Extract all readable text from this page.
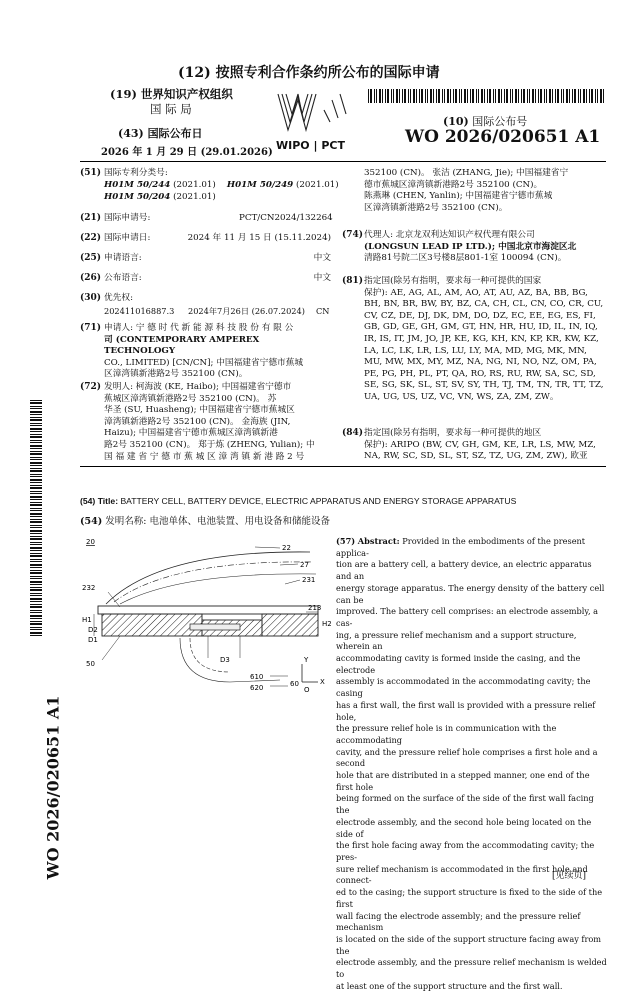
(12) 按照专利合作条约所公布的国际申请
(19) 世界知识产权组织
国 际 局
(43) 国际公布日
2026 年 1 月 29 日 (29.01.2026)
WIPO | PCT
(10) 国际公布号
WO 2026/020651 A1
WO 2026/020651 A1
(51) 国际专利分类号:
H01M 50/244 (2021.01) H01M 50/249 (2021.01)
H01M 50/204 (2021.01)
(21) 国际申请号:	PCT/CN2024/132264
(22) 国际申请日:	2024 年 11 月 15 日 (15.11.2024)
(25) 申请语言:	中文
(26) 公布语言:	中文
(30) 优先权:
202411016887.3 2024年7月26日 (26.07.2024) CN
(71) 申请人: 宁 德 时 代 新 能 源 科 技 股 份 有 限 公
司 (CONTEMPORARY AMPEREX TECHNOLOGY
CO., LIMITED) [CN/CN]; 中国福建省宁德市蕉城
区漳湾镇新港路2号 352100 (CN)。
(72) 发明人: 柯海波 (KE, Haibo); 中国福建省宁德市
蕉城区漳湾镇新港路2号 352100 (CN)。 苏
华圣 (SU, Huasheng); 中国福建省宁德市蕉城区
漳湾镇新港路2号 352100 (CN)。 金海族 (JIN,
Haizu); 中国福建省宁德市蕉城区漳湾镇新港
路2号 352100 (CN)。 郑于炼 (ZHENG, Yulian); 中
国 福 建 省 宁 德 市 蕉 城 区 漳 湾 镇 新 港 路 2 号
352100 (CN)。 张洁 (ZHANG, Jie); 中国福建省宁
德市蕉城区漳湾镇新港路2号 352100 (CN)。
陈燕琳 (CHEN, Yanlin); 中国福建省宁德市蕉城
区漳湾镇新港路2号 352100 (CN)。
(74) 代理人: 北京龙双利达知识产权代理有限公司
(LONGSUN LEAD IP LTD.); 中国北京市海淀区北
清路81号院二区3号楼8层801-1室 100094 (CN)。
(81) 指定国(除另有指明，要求每一种可提供的国家
保护): AE, AG, AL, AM, AO, AT, AU, AZ, BA, BB, BG,
BH, BN, BR, BW, BY, BZ, CA, CH, CL, CN, CO, CR, CU,
CV, CZ, DE, DJ, DK, DM, DO, DZ, EC, EE, EG, ES, FI,
GB, GD, GE, GH, GM, GT, HN, HR, HU, ID, IL, IN, IQ,
IR, IS, IT, JM, JO, JP, KE, KG, KH, KN, KP, KR, KW, KZ,
LA, LC, LK, LR, LS, LU, LY, MA, MD, MG, MK, MN,
MU, MW, MX, MY, MZ, NA, NG, NI, NO, NZ, OM, PA,
PE, PG, PH, PL, PT, QA, RO, RS, RU, RW, SA, SC, SD,
SE, SG, SK, SL, ST, SV, SY, TH, TJ, TM, TN, TR, TT, TZ,
UA, UG, US, UZ, VC, VN, WS, ZA, ZM, ZW。
(84) 指定国(除另有指明，要求每一种可提供的地区
保护): ARIPO (BW, CV, GH, GM, KE, LR, LS, MW, MZ,
NA, RW, SC, SD, SL, ST, SZ, TZ, UG, ZM, ZW), 欧亚
(54) Title: BATTERY CELL, BATTERY DEVICE, ELECTRIC APPARATUS AND ENERGY STORAGE APPARATUS
(54) 发明名称: 电池单体、电池装置、用电设备和储能设备
20
22
27
231
232
213
H1	H2
D1
D2
D3
50
610
620	60	X
Y
O
(57) Abstract: Provided in the embodiments of the present applica-
tion are a battery cell, a battery device, an electric apparatus and an
energy storage apparatus. The energy density of the battery cell can be
improved. The battery cell comprises: an electrode assembly, a cas-
ing, a pressure relief mechanism and a support structure, wherein an
accommodating cavity is formed inside the casing, and the electrode
assembly is accommodated in the accommodating cavity; the casing
has a first wall, the first wall is provided with a pressure relief hole,
the pressure relief hole is in communication with the accommodating
cavity, and the pressure relief hole comprises a first hole and a second
hole that are distributed in a stepped manner, one end of the first hole
being formed on the surface of the side of the first wall facing the
electrode assembly, and the second hole being located on the side of
the first hole facing away from the accommodating cavity; the pres-
sure relief mechanism is accommodated in the first hole and connect-
ed to the casing; the support structure is fixed to the side of the first
wall facing the electrode assembly; and the pressure relief mechanism
is located on the side of the support structure facing away from the
electrode assembly, and the pressure relief mechanism is welded to
at least one of the support structure and the first wall.
[见续页]
